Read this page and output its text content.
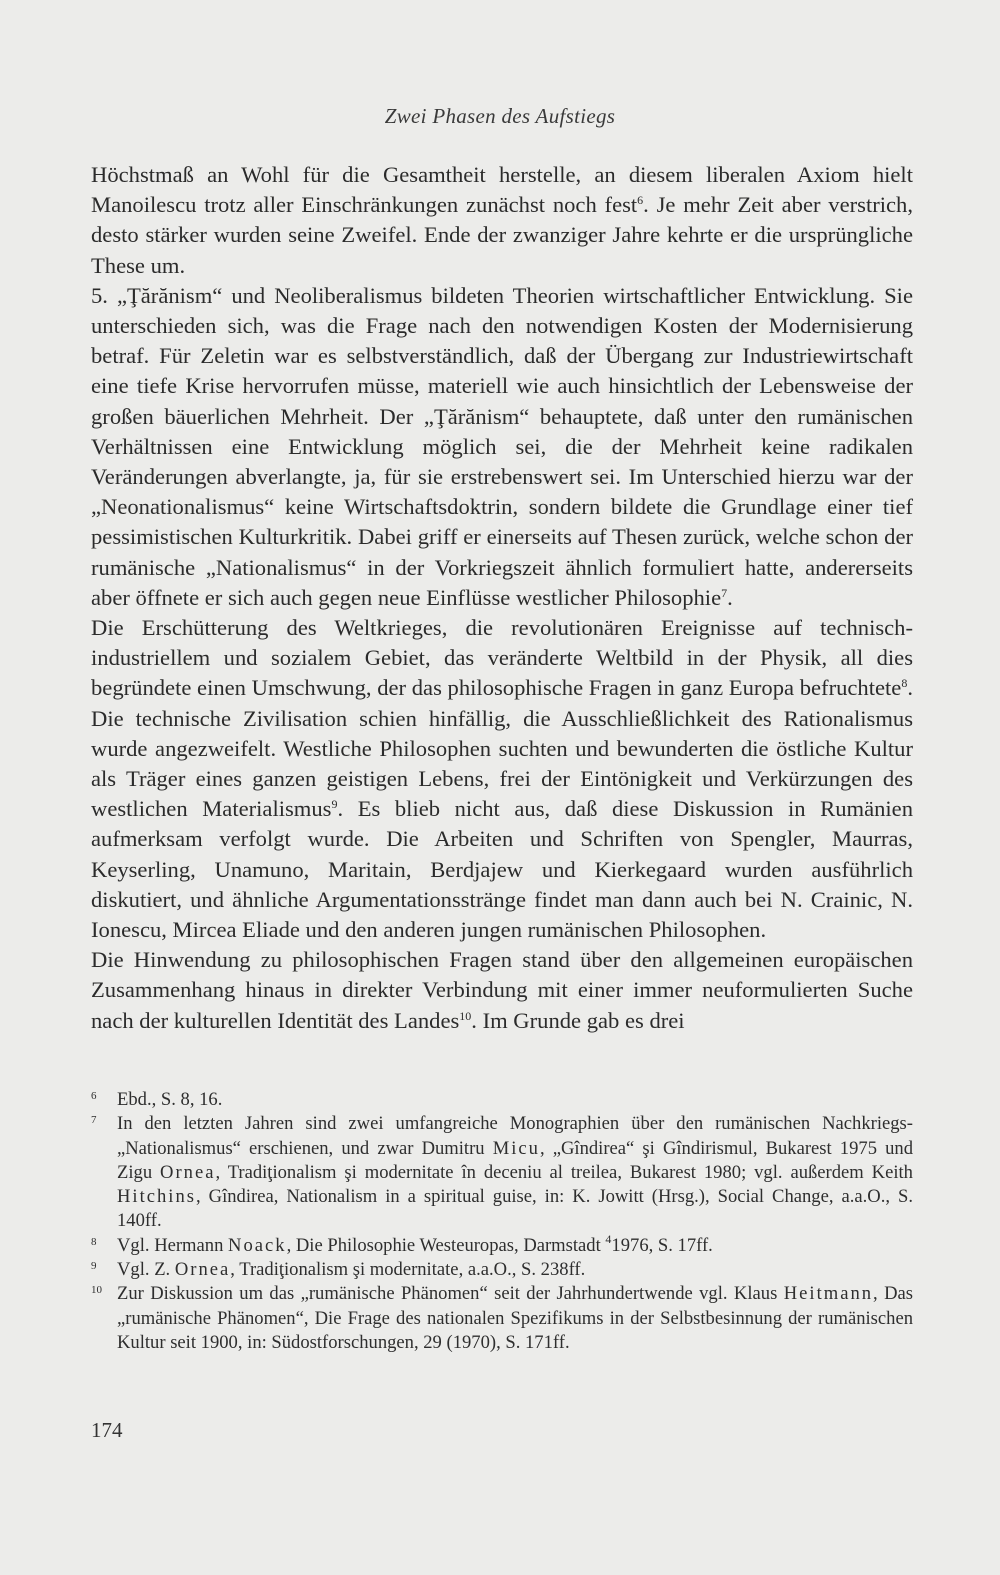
Zwei Phasen des Aufstiegs

Höchstmaß an Wohl für die Gesamtheit herstelle, an diesem liberalen Axiom hielt Manoilescu trotz aller Einschränkungen zunächst noch fest$^6$. Je mehr Zeit aber verstrich, desto stärker wurden seine Zweifel. Ende der zwanziger Jahre kehrte er die ursprüngliche These um.

5. „Ţărănism“ und Neoliberalismus bildeten Theorien wirtschaftlicher Entwicklung. Sie unterschieden sich, was die Frage nach den notwendigen Kosten der Modernisierung betraf. Für Zeletin war es selbstverständlich, daß der Übergang zur Industriewirtschaft eine tiefe Krise hervorrufen müsse, materiell wie auch hinsichtlich der Lebensweise der großen bäuerlichen Mehrheit. Der „Ţărănism“ behauptete, daß unter den rumänischen Verhältnissen eine Entwicklung möglich sei, die der Mehrheit keine radikalen Veränderungen abverlangte, ja, für sie erstrebenswert sei. Im Unterschied hierzu war der „Neonationalismus“ keine Wirtschaftsdoktrin, sondern bildete die Grundlage einer tief pessimistischen Kulturkritik. Dabei griff er einerseits auf Thesen zurück, welche schon der rumänische „Nationalismus“ in der Vorkriegszeit ähnlich formuliert hatte, andererseits aber öffnete er sich auch gegen neue Einflüsse westlicher Philosophie$^7$.

Die Erschütterung des Weltkrieges, die revolutionären Ereignisse auf technisch-industriellem und sozialem Gebiet, das veränderte Weltbild in der Physik, all dies begründete einen Umschwung, der das philosophische Fragen in ganz Europa befruchtete$^8$. Die technische Zivilisation schien hinfällig, die Ausschließlichkeit des Rationalismus wurde angezweifelt. Westliche Philosophen suchten und bewunderten die östliche Kultur als Träger eines ganzen geistigen Lebens, frei der Eintönigkeit und Verkürzungen des westlichen Materialismus$^9$. Es blieb nicht aus, daß diese Diskussion in Rumänien aufmerksam verfolgt wurde. Die Arbeiten und Schriften von Spengler, Maurras, Keyserling, Unamuno, Maritain, Berdjajew und Kierkegaard wurden ausführlich diskutiert, und ähnliche Argumentationsstränge findet man dann auch bei N. Crainic, N. Ionescu, Mircea Eliade und den anderen jungen rumänischen Philosophen.

Die Hinwendung zu philosophischen Fragen stand über den allgemeinen europäischen Zusammenhang hinaus in direkter Verbindung mit einer immer neuformulierten Suche nach der kulturellen Identität des Landes$^{10}$. Im Grunde gab es drei

6	Ebd., S. 8, 16.
7	In den letzten Jahren sind zwei umfangreiche Monographien über den rumänischen Nachkriegs-„Nationalismus“ erschienen, und zwar Dumitru Micu, „Gîndirea“ şi Gîndirismul, Bukarest 1975 und Zigu Ornea, Tradiţionalism şi modernitate în deceniu al treilea, Bukarest 1980; vgl. außerdem Keith Hitchins, Gîndirea, Nationalism in a spiritual guise, in: K. Jowitt (Hrsg.), Social Change, a.a.O., S. 140ff.
8	Vgl. Hermann Noack, Die Philosophie Westeuropas, Darmstadt $^4$1976, S. 17ff.
9	Vgl. Z. Ornea, Tradiţionalism şi modernitate, a.a.O., S. 238ff.
10 Zur Diskussion um das „rumänische Phänomen“ seit der Jahrhundertwende vgl. Klaus Heitmann, Das „rumänische Phänomen“, Die Frage des nationalen Spezifikums in der Selbstbesinnung der rumänischen Kultur seit 1900, in: Südostforschungen, 29 (1970), S. 171ff.
174
